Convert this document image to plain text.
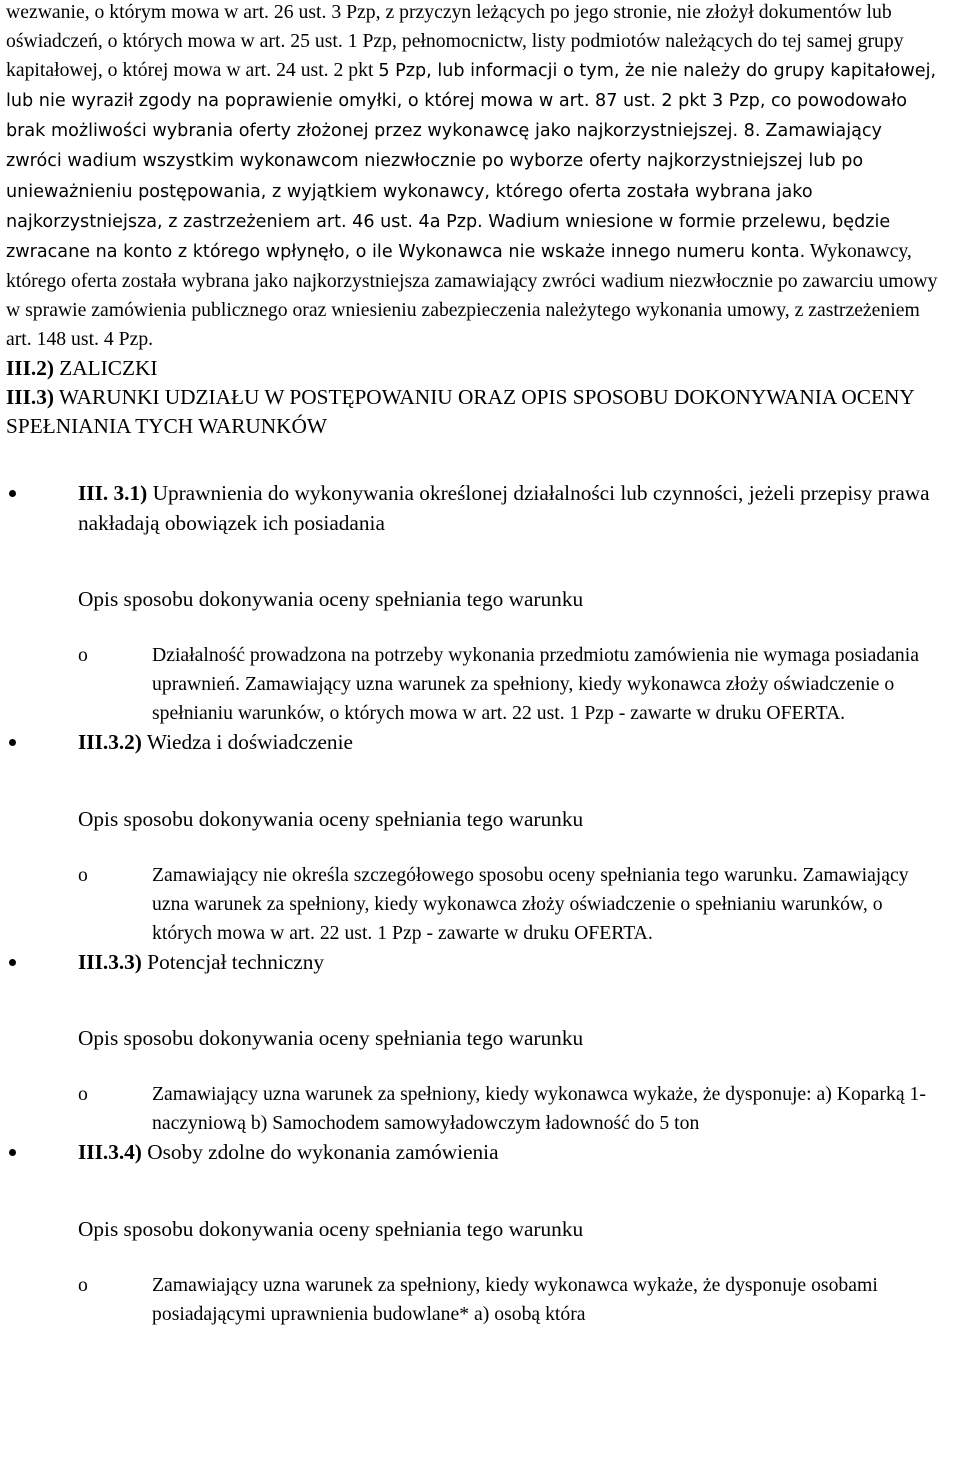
wezwanie, o którym mowa w art. 26 ust. 3 Pzp, z przyczyn leżących po jego stronie, nie złożył dokumentów lub oświadczeń, o których mowa w art. 25 ust. 1 Pzp, pełnomocnictw, listy podmiotów należących do tej samej grupy kapitałowej, o której mowa w art. 24 ust. 2 pkt 5 Pzp, lub informacji o tym, że nie należy do grupy kapitałowej, lub nie wyraził zgody na poprawienie omyłki, o której mowa w art. 87 ust. 2 pkt 3 Pzp, co powodowało brak możliwości wybrania oferty złożonej przez wykonawcę jako najkorzystniejszej. 8. Zamawiający zwróci wadium wszystkim wykonawcom niezwłocznie po wyborze oferty najkorzystniejszej lub po unieważnieniu postępowania, z wyjątkiem wykonawcy, którego oferta została wybrana jako najkorzystniejsza, z zastrzeżeniem art. 46 ust. 4a Pzp. Wadium wniesione w formie przelewu, będzie zwracane na konto z którego wpłynęło, o ile Wykonawca nie wskaże innego numeru konta. Wykonawcy, którego oferta została wybrana jako najkorzystniejsza zamawiający zwróci wadium niezwłocznie po zawarciu umowy w sprawie zamówienia publicznego oraz wniesieniu zabezpieczenia należytego wykonania umowy, z zastrzeżeniem art. 148 ust. 4 Pzp.
III.2) ZALICZKI
III.3) WARUNKI UDZIAŁU W POSTĘPOWANIU ORAZ OPIS SPOSOBU DOKONYWANIA OCENY SPEŁNIANIA TYCH WARUNKÓW
III. 3.1) Uprawnienia do wykonywania określonej działalności lub czynności, jeżeli przepisy prawa nakładają obowiązek ich posiadania

Opis sposobu dokonywania oceny spełniania tego warunku

o	Działalność prowadzona na potrzeby wykonania przedmiotu zamówienia nie wymaga posiadania uprawnień. Zamawiający uzna warunek za spełniony, kiedy wykonawca złoży oświadczenie o spełnianiu warunków, o których mowa w art. 22 ust. 1 Pzp - zawarte w druku OFERTA.
III.3.2) Wiedza i doświadczenie

Opis sposobu dokonywania oceny spełniania tego warunku

o	Zamawiający nie określa szczegółowego sposobu oceny spełniania tego warunku. Zamawiający uzna warunek za spełniony, kiedy wykonawca złoży oświadczenie o spełnianiu warunków, o których mowa w art. 22 ust. 1 Pzp - zawarte w druku OFERTA.
III.3.3) Potencjał techniczny

Opis sposobu dokonywania oceny spełniania tego warunku

o	Zamawiający uzna warunek za spełniony, kiedy wykonawca wykaże, że dysponuje: a) Koparką 1-naczyniową b) Samochodem samowyładowczym ładowność do 5 ton
III.3.4) Osoby zdolne do wykonania zamówienia

Opis sposobu dokonywania oceny spełniania tego warunku

o	Zamawiający uzna warunek za spełniony, kiedy wykonawca wykaże, że dysponuje osobami posiadającymi uprawnienia budowlane* a) osobą która
